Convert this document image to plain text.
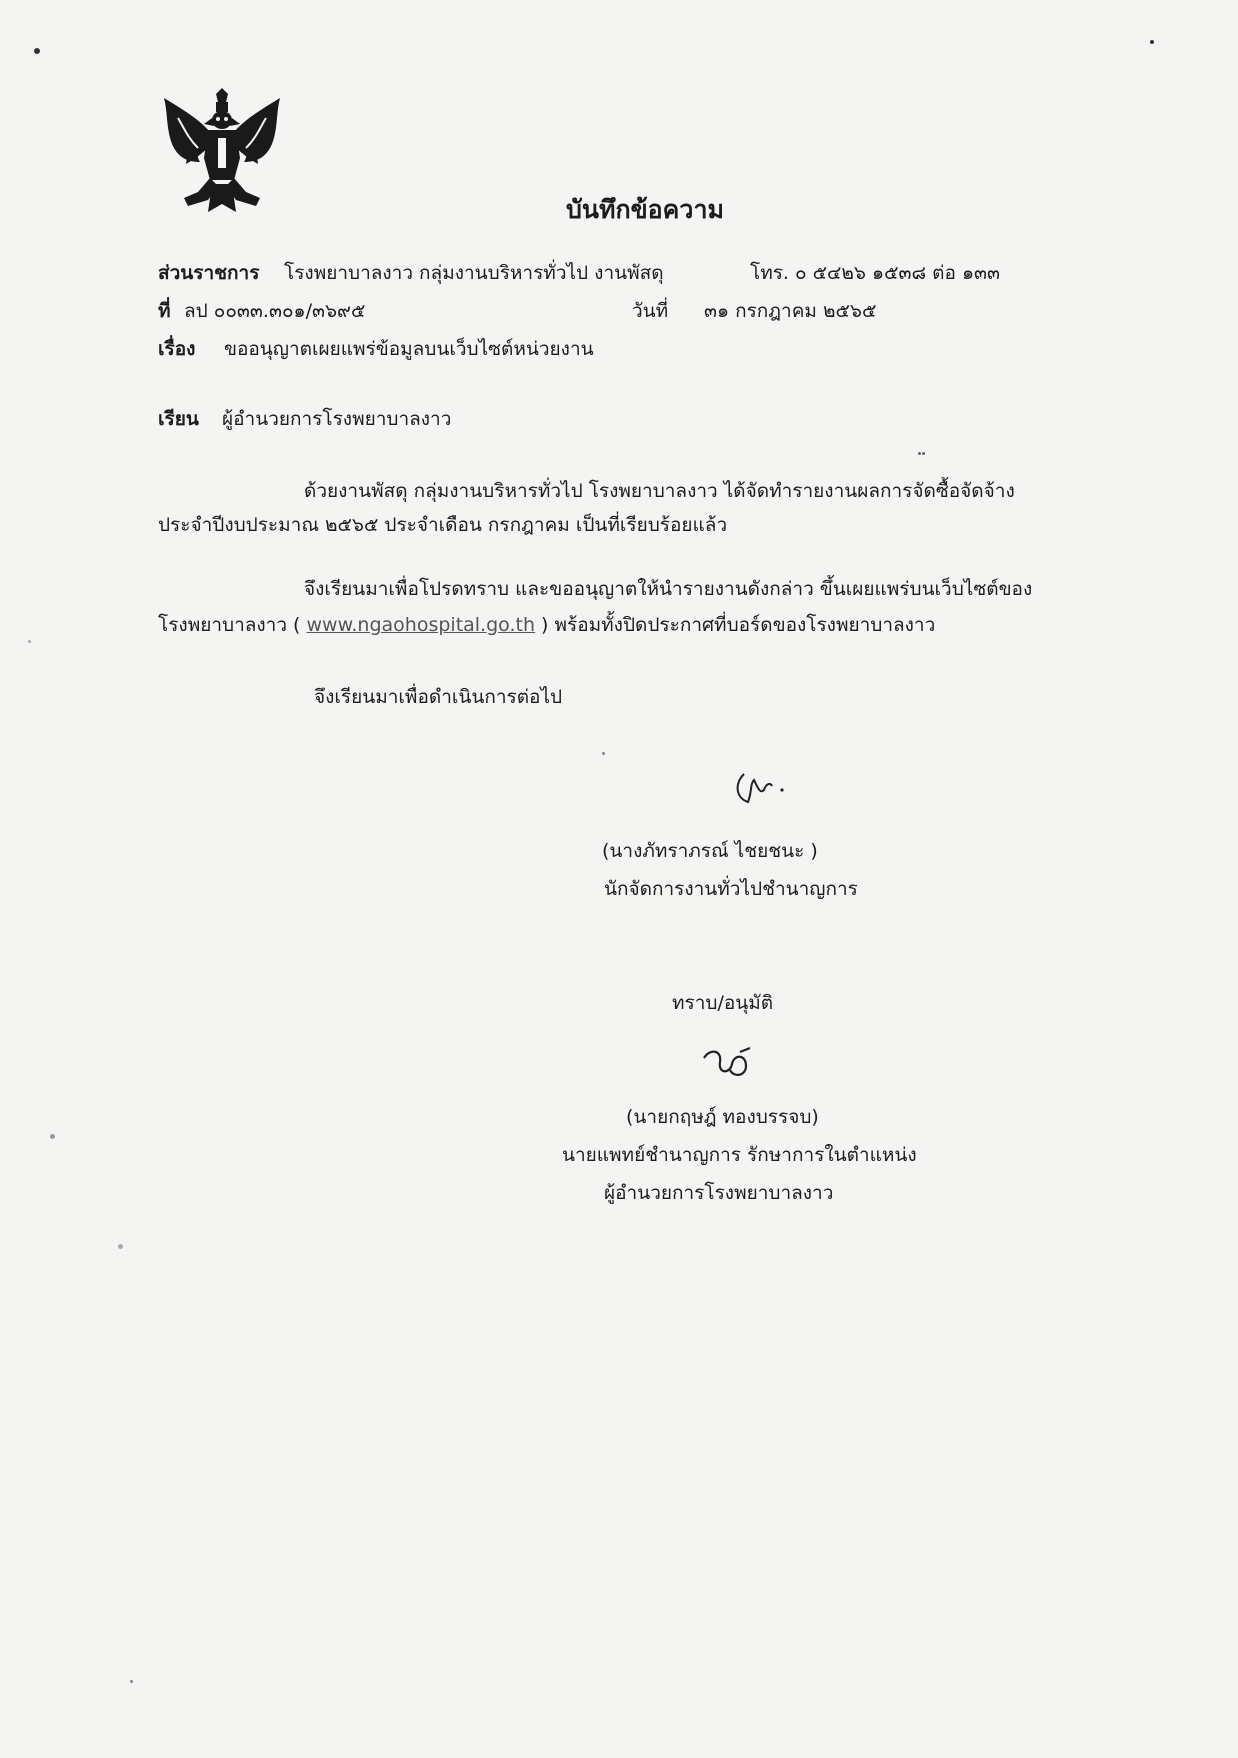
บันทึกข้อความ
ส่วนราชการ โรงพยาบาลงาว กลุ่มงานบริหารทั่วไป งานพัสดุ	โทร. ๐ ๕๔๒๖ ๑๕๓๘ ต่อ ๑๓๓
ที่ ลป ๐๐๓๓.๓๐๑/๓๖๙๕	วันที่ ๓๑ กรกฎาคม ๒๕๖๕
เรื่อง ขออนุญาตเผยแพร่ข้อมูลบนเว็บไซต์หน่วยงาน
เรียน ผู้อำนวยการโรงพยาบาลงาว
ด้วยงานพัสดุ กลุ่มงานบริหารทั่วไป โรงพยาบาลงาว ได้จัดทำรายงานผลการจัดซื้อจัดจ้าง
ประจำปีงบประมาณ ๒๕๖๕ ประจำเดือน กรกฎาคม เป็นที่เรียบร้อยแล้ว
จึงเรียนมาเพื่อโปรดทราบ และขออนุญาตให้นำรายงานดังกล่าว ขึ้นเผยแพร่บนเว็บไซต์ของ
โรงพยาบาลงาว ( www.ngaohospital.go.th ) พร้อมทั้งปิดประกาศที่บอร์ดของโรงพยาบาลงาว
จึงเรียนมาเพื่อดำเนินการต่อไป
(นางภัทราภรณ์ ไชยชนะ )
นักจัดการงานทั่วไปชำนาญการ
ทราบ/อนุมัติ
(นายกฤษฎ์ ทองบรรจบ)
นายแพทย์ชำนาญการ รักษาการในตำแหน่ง
ผู้อำนวยการโรงพยาบาลงาว
